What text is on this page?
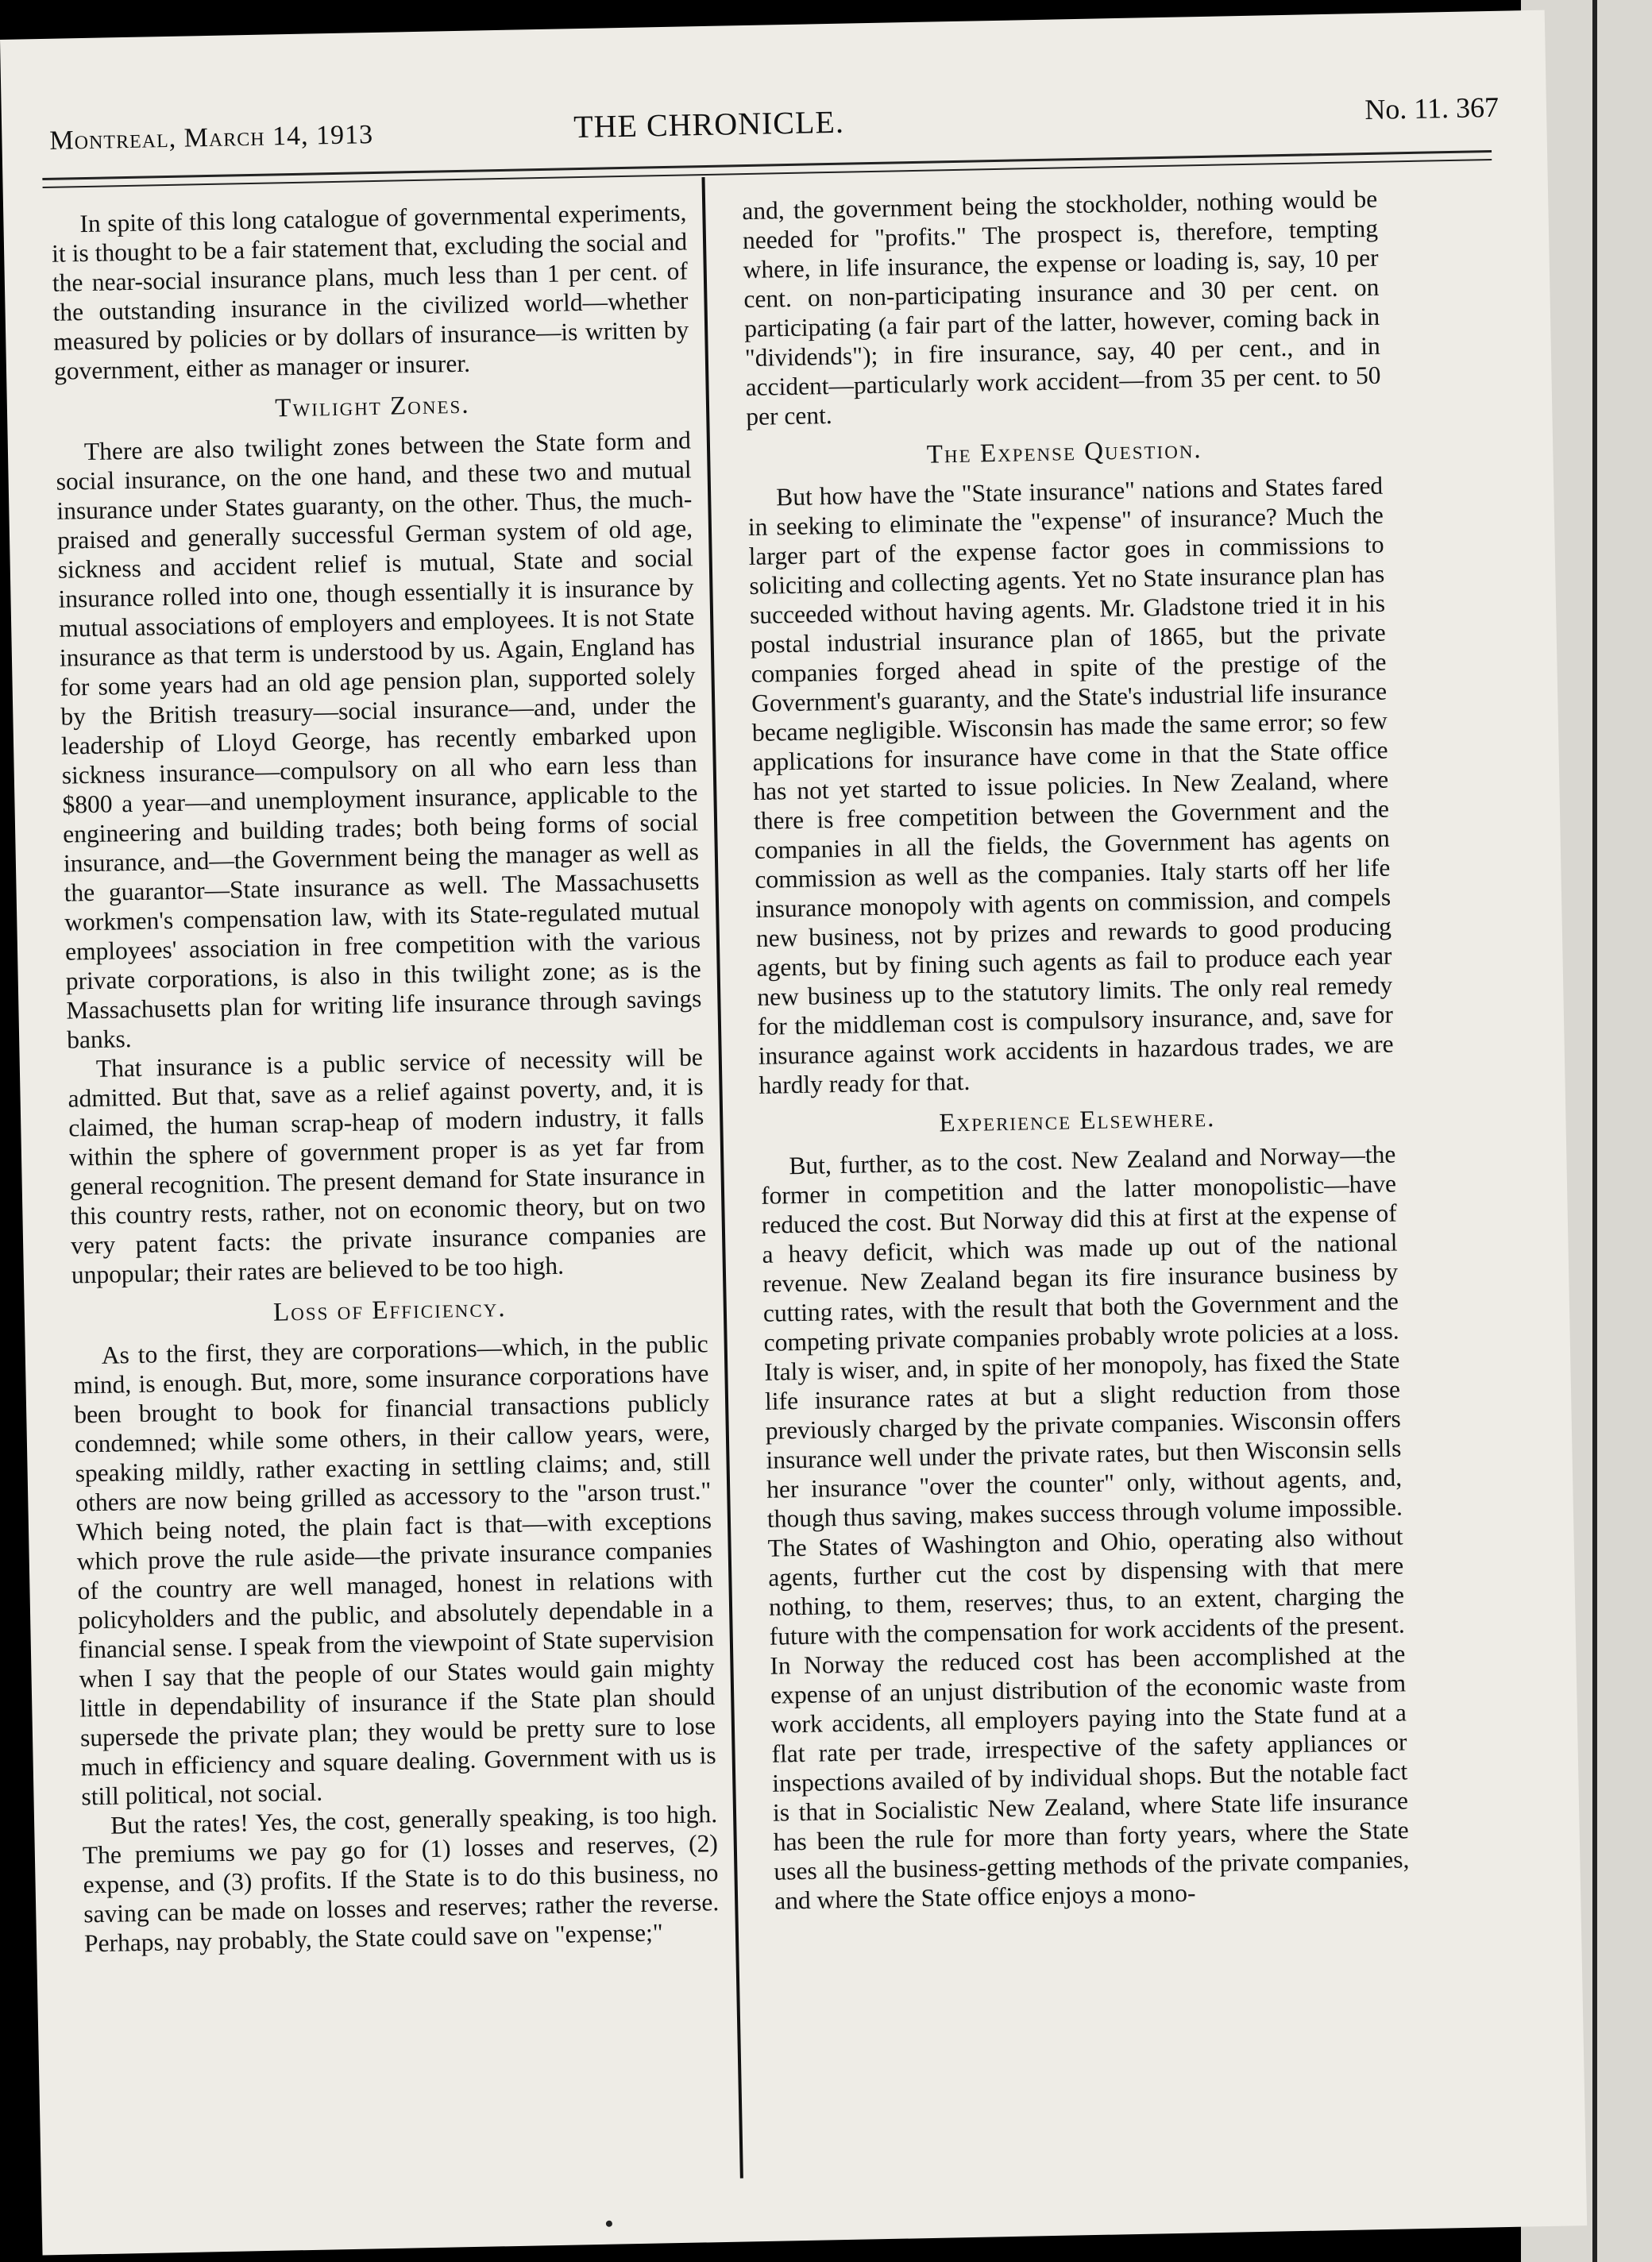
Montreal, March 14, 1913	THE CHRONICLE.	No. 11. 367

In spite of this long catalogue of governmental experiments, it is thought to be a fair statement that, excluding the social and the near-social insurance plans, much less than 1 per cent. of the outstanding insurance in the civilized world—whether measured by policies or by dollars of insurance—is written by government, either as manager or insurer.

Twilight Zones.

There are also twilight zones between the State form and social insurance, on the one hand, and these two and mutual insurance under States guaranty, on the other. Thus, the much-praised and generally successful German system of old age, sickness and accident relief is mutual, State and social insurance rolled into one, though essentially it is insurance by mutual associations of employers and employees. It is not State insurance as that term is understood by us. Again, England has for some years had an old age pension plan, supported solely by the British treasury—social insurance—and, under the leadership of Lloyd George, has recently embarked upon sickness insurance—compulsory on all who earn less than $800 a year—and unemployment insurance, applicable to the engineering and building trades; both being forms of social insurance, and—the Government being the manager as well as the guarantor—State insurance as well. The Massachusetts workmen's compensation law, with its State-regulated mutual employees' association in free competition with the various private corporations, is also in this twilight zone; as is the Massachusetts plan for writing life insurance through savings banks.

That insurance is a public service of necessity will be admitted. But that, save as a relief against poverty, and, it is claimed, the human scrap-heap of modern industry, it falls within the sphere of government proper is as yet far from general recognition. The present demand for State insurance in this country rests, rather, not on economic theory, but on two very patent facts: the private insurance companies are unpopular; their rates are believed to be too high.

Loss of Efficiency.

As to the first, they are corporations—which, in the public mind, is enough. But, more, some insurance corporations have been brought to book for financial transactions publicly condemned; while some others, in their callow years, were, speaking mildly, rather exacting in settling claims; and, still others are now being grilled as accessory to the "arson trust." Which being noted, the plain fact is that—with exceptions which prove the rule aside—the private insurance companies of the country are well managed, honest in relations with policyholders and the public, and absolutely dependable in a financial sense. I speak from the viewpoint of State supervision when I say that the people of our States would gain mighty little in dependability of insurance if the State plan should supersede the private plan; they would be pretty sure to lose much in efficiency and square dealing. Government with us is still political, not social.

But the rates! Yes, the cost, generally speaking, is too high. The premiums we pay go for (1) losses and reserves, (2) expense, and (3) profits. If the State is to do this business, no saving can be made on losses and reserves; rather the reverse. Perhaps, nay probably, the State could save on "expense;"

and, the government being the stockholder, nothing would be needed for "profits." The prospect is, therefore, tempting where, in life insurance, the expense or loading is, say, 10 per cent. on non-participating insurance and 30 per cent. on participating (a fair part of the latter, however, coming back in "dividends"); in fire insurance, say, 40 per cent., and in accident—particularly work accident—from 35 per cent. to 50 per cent.

The Expense Question.

But how have the "State insurance" nations and States fared in seeking to eliminate the "expense" of insurance? Much the larger part of the expense factor goes in commissions to soliciting and collecting agents. Yet no State insurance plan has succeeded without having agents. Mr. Gladstone tried it in his postal industrial insurance plan of 1865, but the private companies forged ahead in spite of the prestige of the Government's guaranty, and the State's industrial life insurance became negligible. Wisconsin has made the same error; so few applications for insurance have come in that the State office has not yet started to issue policies. In New Zealand, where there is free competition between the Government and the companies in all the fields, the Government has agents on commission as well as the companies. Italy starts off her life insurance monopoly with agents on commission, and compels new business, not by prizes and rewards to good producing agents, but by fining such agents as fail to produce each year new business up to the statutory limits. The only real remedy for the middleman cost is compulsory insurance, and, save for insurance against work accidents in hazardous trades, we are hardly ready for that.

Experience Elsewhere.

But, further, as to the cost. New Zealand and Norway—the former in competition and the latter monopolistic—have reduced the cost. But Norway did this at first at the expense of a heavy deficit, which was made up out of the national revenue. New Zealand began its fire insurance business by cutting rates, with the result that both the Government and the competing private companies probably wrote policies at a loss. Italy is wiser, and, in spite of her monopoly, has fixed the State life insurance rates at but a slight reduction from those previously charged by the private companies. Wisconsin offers insurance well under the private rates, but then Wisconsin sells her insurance "over the counter" only, without agents, and, though thus saving, makes success through volume impossible. The States of Washington and Ohio, operating also without agents, further cut the cost by dispensing with that mere nothing, to them, reserves; thus, to an extent, charging the future with the compensation for work accidents of the present. In Norway the reduced cost has been accomplished at the expense of an unjust distribution of the economic waste from work accidents, all employers paying into the State fund at a flat rate per trade, irrespective of the safety appliances or inspections availed of by individual shops. But the notable fact is that in Socialistic New Zealand, where State life insurance has been the rule for more than forty years, where the State uses all the business-getting methods of the private companies, and where the State office enjoys a mono-
